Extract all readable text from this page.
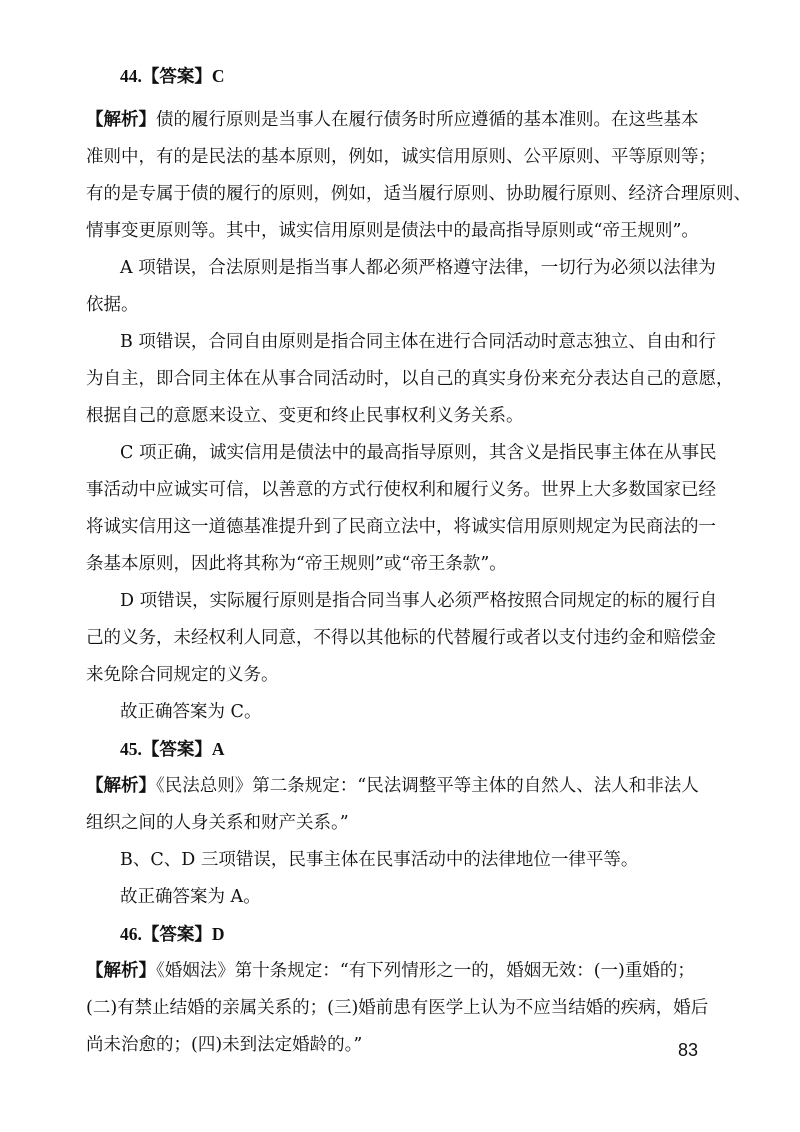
44.【答案】C
【解析】债的履行原则是当事人在履行债务时所应遵循的基本准则。在这些基本
准则中，有的是民法的基本原则，例如，诚实信用原则、公平原则、平等原则等；
有的是专属于债的履行的原则，例如，适当履行原则、协助履行原则、经济合理原则、
情事变更原则等。其中，诚实信用原则是债法中的最高指导原则或“帝王规则”。
A 项错误，合法原则是指当事人都必须严格遵守法律，一切行为必须以法律为
依据。
B 项错误，合同自由原则是指合同主体在进行合同活动时意志独立、自由和行
为自主，即合同主体在从事合同活动时，以自己的真实身份来充分表达自己的意愿，
根据自己的意愿来设立、变更和终止民事权利义务关系。
C 项正确，诚实信用是债法中的最高指导原则，其含义是指民事主体在从事民
事活动中应诚实可信，以善意的方式行使权利和履行义务。世界上大多数国家已经
将诚实信用这一道德基准提升到了民商立法中，将诚实信用原则规定为民商法的一
条基本原则，因此将其称为“帝王规则”或“帝王条款”。
D 项错误，实际履行原则是指合同当事人必须严格按照合同规定的标的履行自
己的义务，未经权利人同意，不得以其他标的代替履行或者以支付违约金和赔偿金
来免除合同规定的义务。
故正确答案为 C。
45.【答案】A
【解析】《民法总则》第二条规定：“民法调整平等主体的自然人、法人和非法人
组织之间的人身关系和财产关系。”
B、C、D 三项错误，民事主体在民事活动中的法律地位一律平等。
故正确答案为 A。
46.【答案】D
【解析】《婚姻法》第十条规定：“有下列情形之一的，婚姻无效：(一)重婚的；
(二)有禁止结婚的亲属关系的；(三)婚前患有医学上认为不应当结婚的疾病，婚后
尚未治愈的；(四)未到法定婚龄的。”	83
